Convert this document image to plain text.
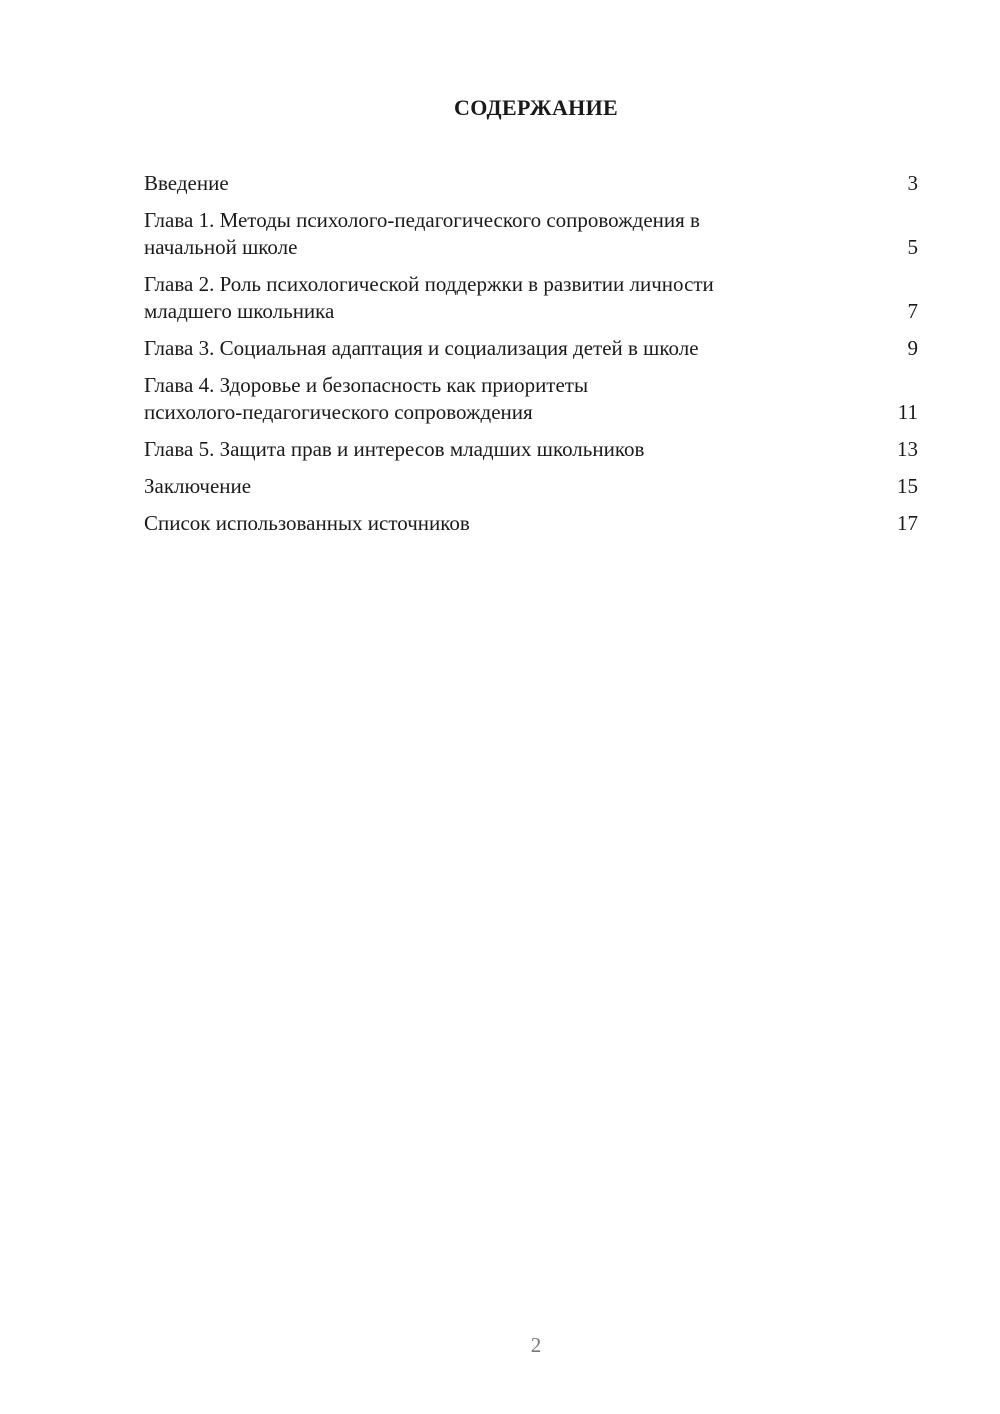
СОДЕРЖАНИЕ
Введение	3
Глава 1. Методы психолого-педагогического сопровождения в
начальной школе	5
Глава 2. Роль психологической поддержки в развитии личности
младшего школьника	7
Глава 3. Социальная адаптация и социализация детей в школе	9
Глава 4. Здоровье и безопасность как приоритеты
психолого-педагогического сопровождения	11
Глава 5. Защита прав и интересов младших школьников	13
Заключение	15
Список использованных источников	17
2
